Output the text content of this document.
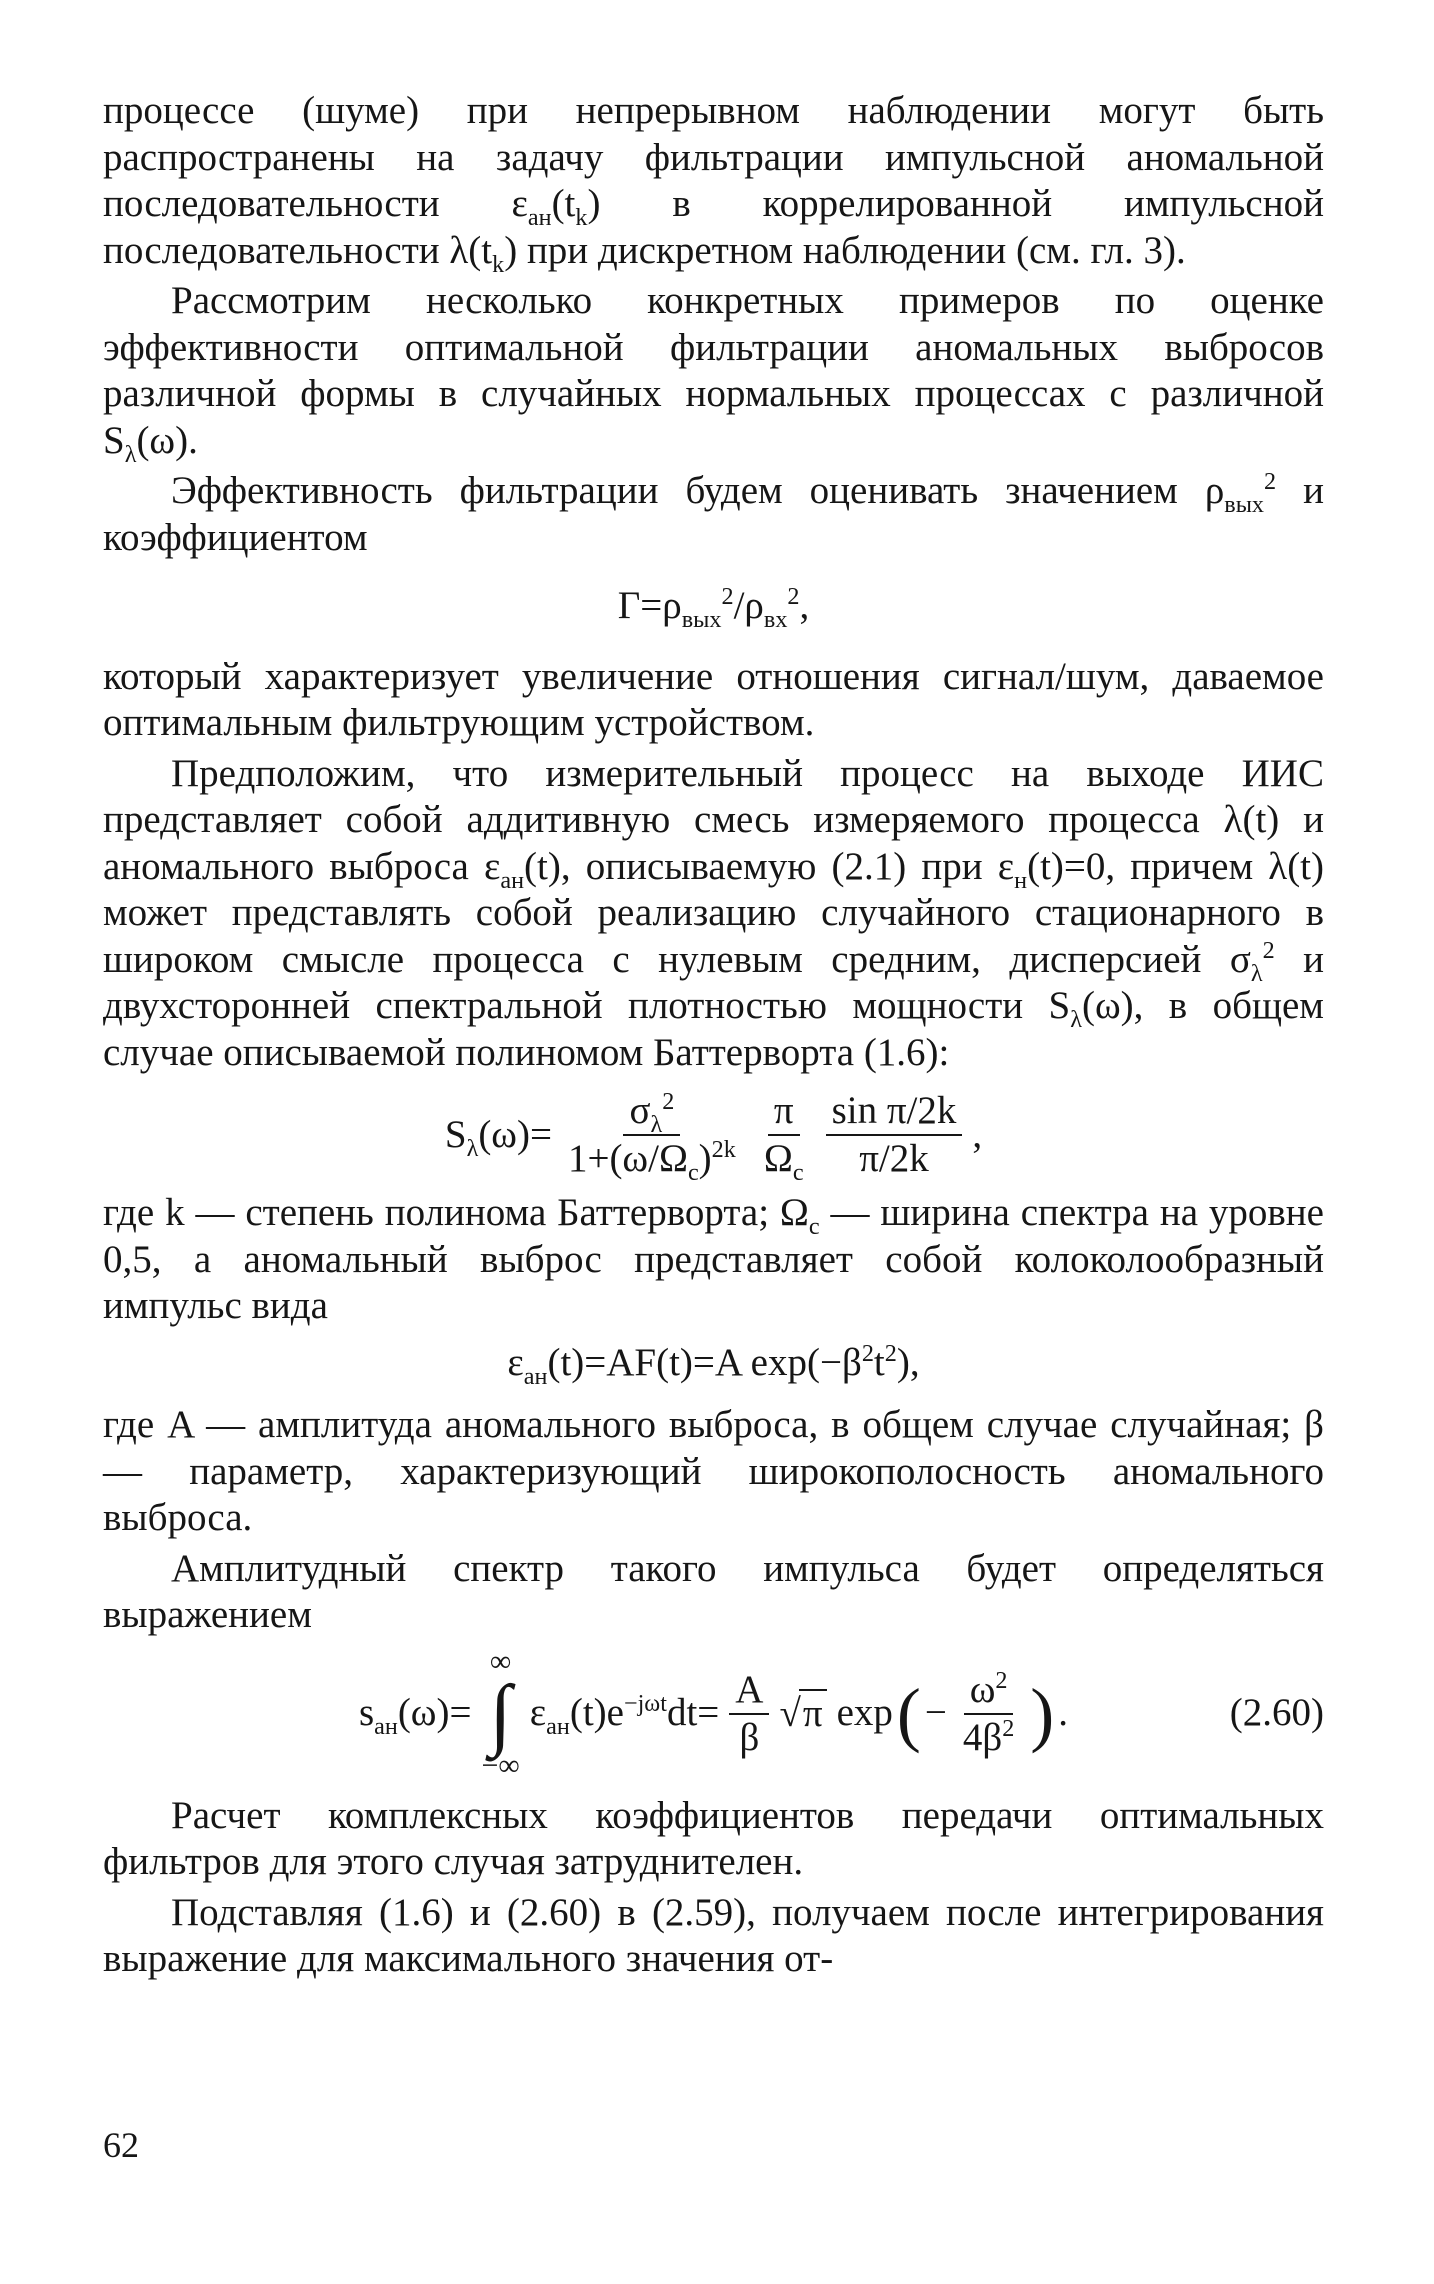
процессе (шуме) при непрерывном наблюдении могут быть распространены на задачу фильтрации импульсной аномальной последовательности $\varepsilon_{ан}(t_k)$ в коррелированной импульсной последовательности $\lambda(t_k)$ при дискретном наблюдении (см. гл. 3).

Рассмотрим несколько конкретных примеров по оценке эффективности оптимальной фильтрации аномальных выбросов различной формы в случайных нормальных процессах с различной $S_\lambda(\omega)$.

Эффективность фильтрации будем оценивать значением $\rho_{вых}^2$ и коэффициентом

$\Gamma=\rho_{вых}^2/\rho_{вх}^2$,

который характеризует увеличение отношения сигнал/шум, даваемое оптимальным фильтрующим устройством.

Предположим, что измерительный процесс на выходе ИИС представляет собой аддитивную смесь измеряемого процесса λ(t) и аномального выброса $\varepsilon_{ан}(t)$, описываемую (2.1) при $\varepsilon_н(t)=0$, причем λ(t) может представлять собой реализацию случайного стационарного в широком смысле процесса с нулевым средним, дисперсией $\sigma_\lambda^2$ и двухсторонней спектральной плотностью мощности $S_\lambda(\omega)$, в общем случае описываемой полиномом Баттерворта (1.6):

$S_\lambda(\omega)= \frac{\sigma_\lambda^2}{1+(\omega/\Omega_c)^{2k}} \frac{\pi}{\Omega_c} \frac{\text{sin π/2k}}{\pi/2k}$ ,

где k — степень полинома Баттерворта; $\Omega_c$ — ширина спектра на уровне 0,5, а аномальный выброс представляет собой колоколообразный импульс вида

$\varepsilon_{ан}(t)=AF(t)=A$ $\exp(-\beta^2t^2)$,

где A — амплитуда аномального выброса, в общем случае случайная; β — параметр, характеризующий широкополосность аномального выброса.

Амплитудный спектр такого импульса будет определяться выражением

$s_{ан}(\omega)=$
∞
∫
−∞
$\varepsilon_{ан}(t)e^{-j\omega t}dt= \frac{A}{\beta} √\pi$ exp ( − $\frac{\omega^2}{4\beta^2}$ ) .	(2.60)

Расчет комплексных коэффициентов передачи оптимальных фильтров для этого случая затруднителен.

Подставляя (1.6) и (2.60) в (2.59), получаем после интегрирования выражение для максимального значения от-

62
